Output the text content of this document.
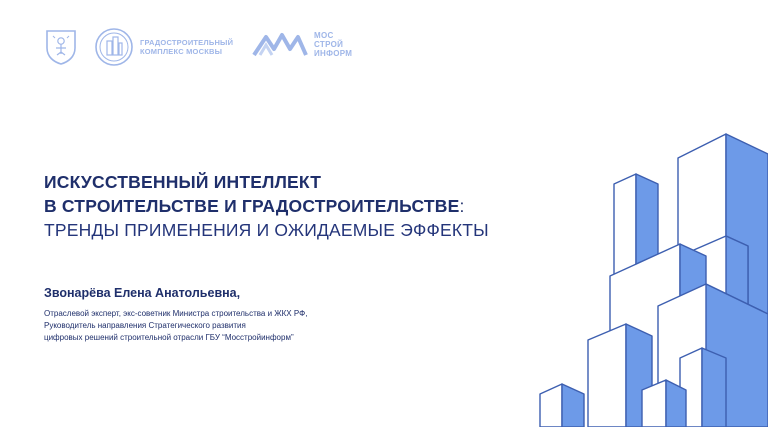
ГРАДОСТРОИТЕЛЬНЫЙ
КОМПЛЕКС МОСКВЫ
МОС
СТРОЙ
ИНФОРМ
ИСКУССТВЕННЫЙ ИНТЕЛЛЕКТ
В СТРОИТЕЛЬСТВЕ И ГРАДОСТРОИТЕЛЬСТВЕ:
ТРЕНДЫ ПРИМЕНЕНИЯ И ОЖИДАЕМЫЕ ЭФФЕКТЫ
Звонарёва Елена Анатольевна,
Отраслевой эксперт, экс-советник Министра строительства и ЖКХ РФ,
Руководитель направления Стратегического развития
цифровых решений строительной отрасли ГБУ “Мосстройинформ”
